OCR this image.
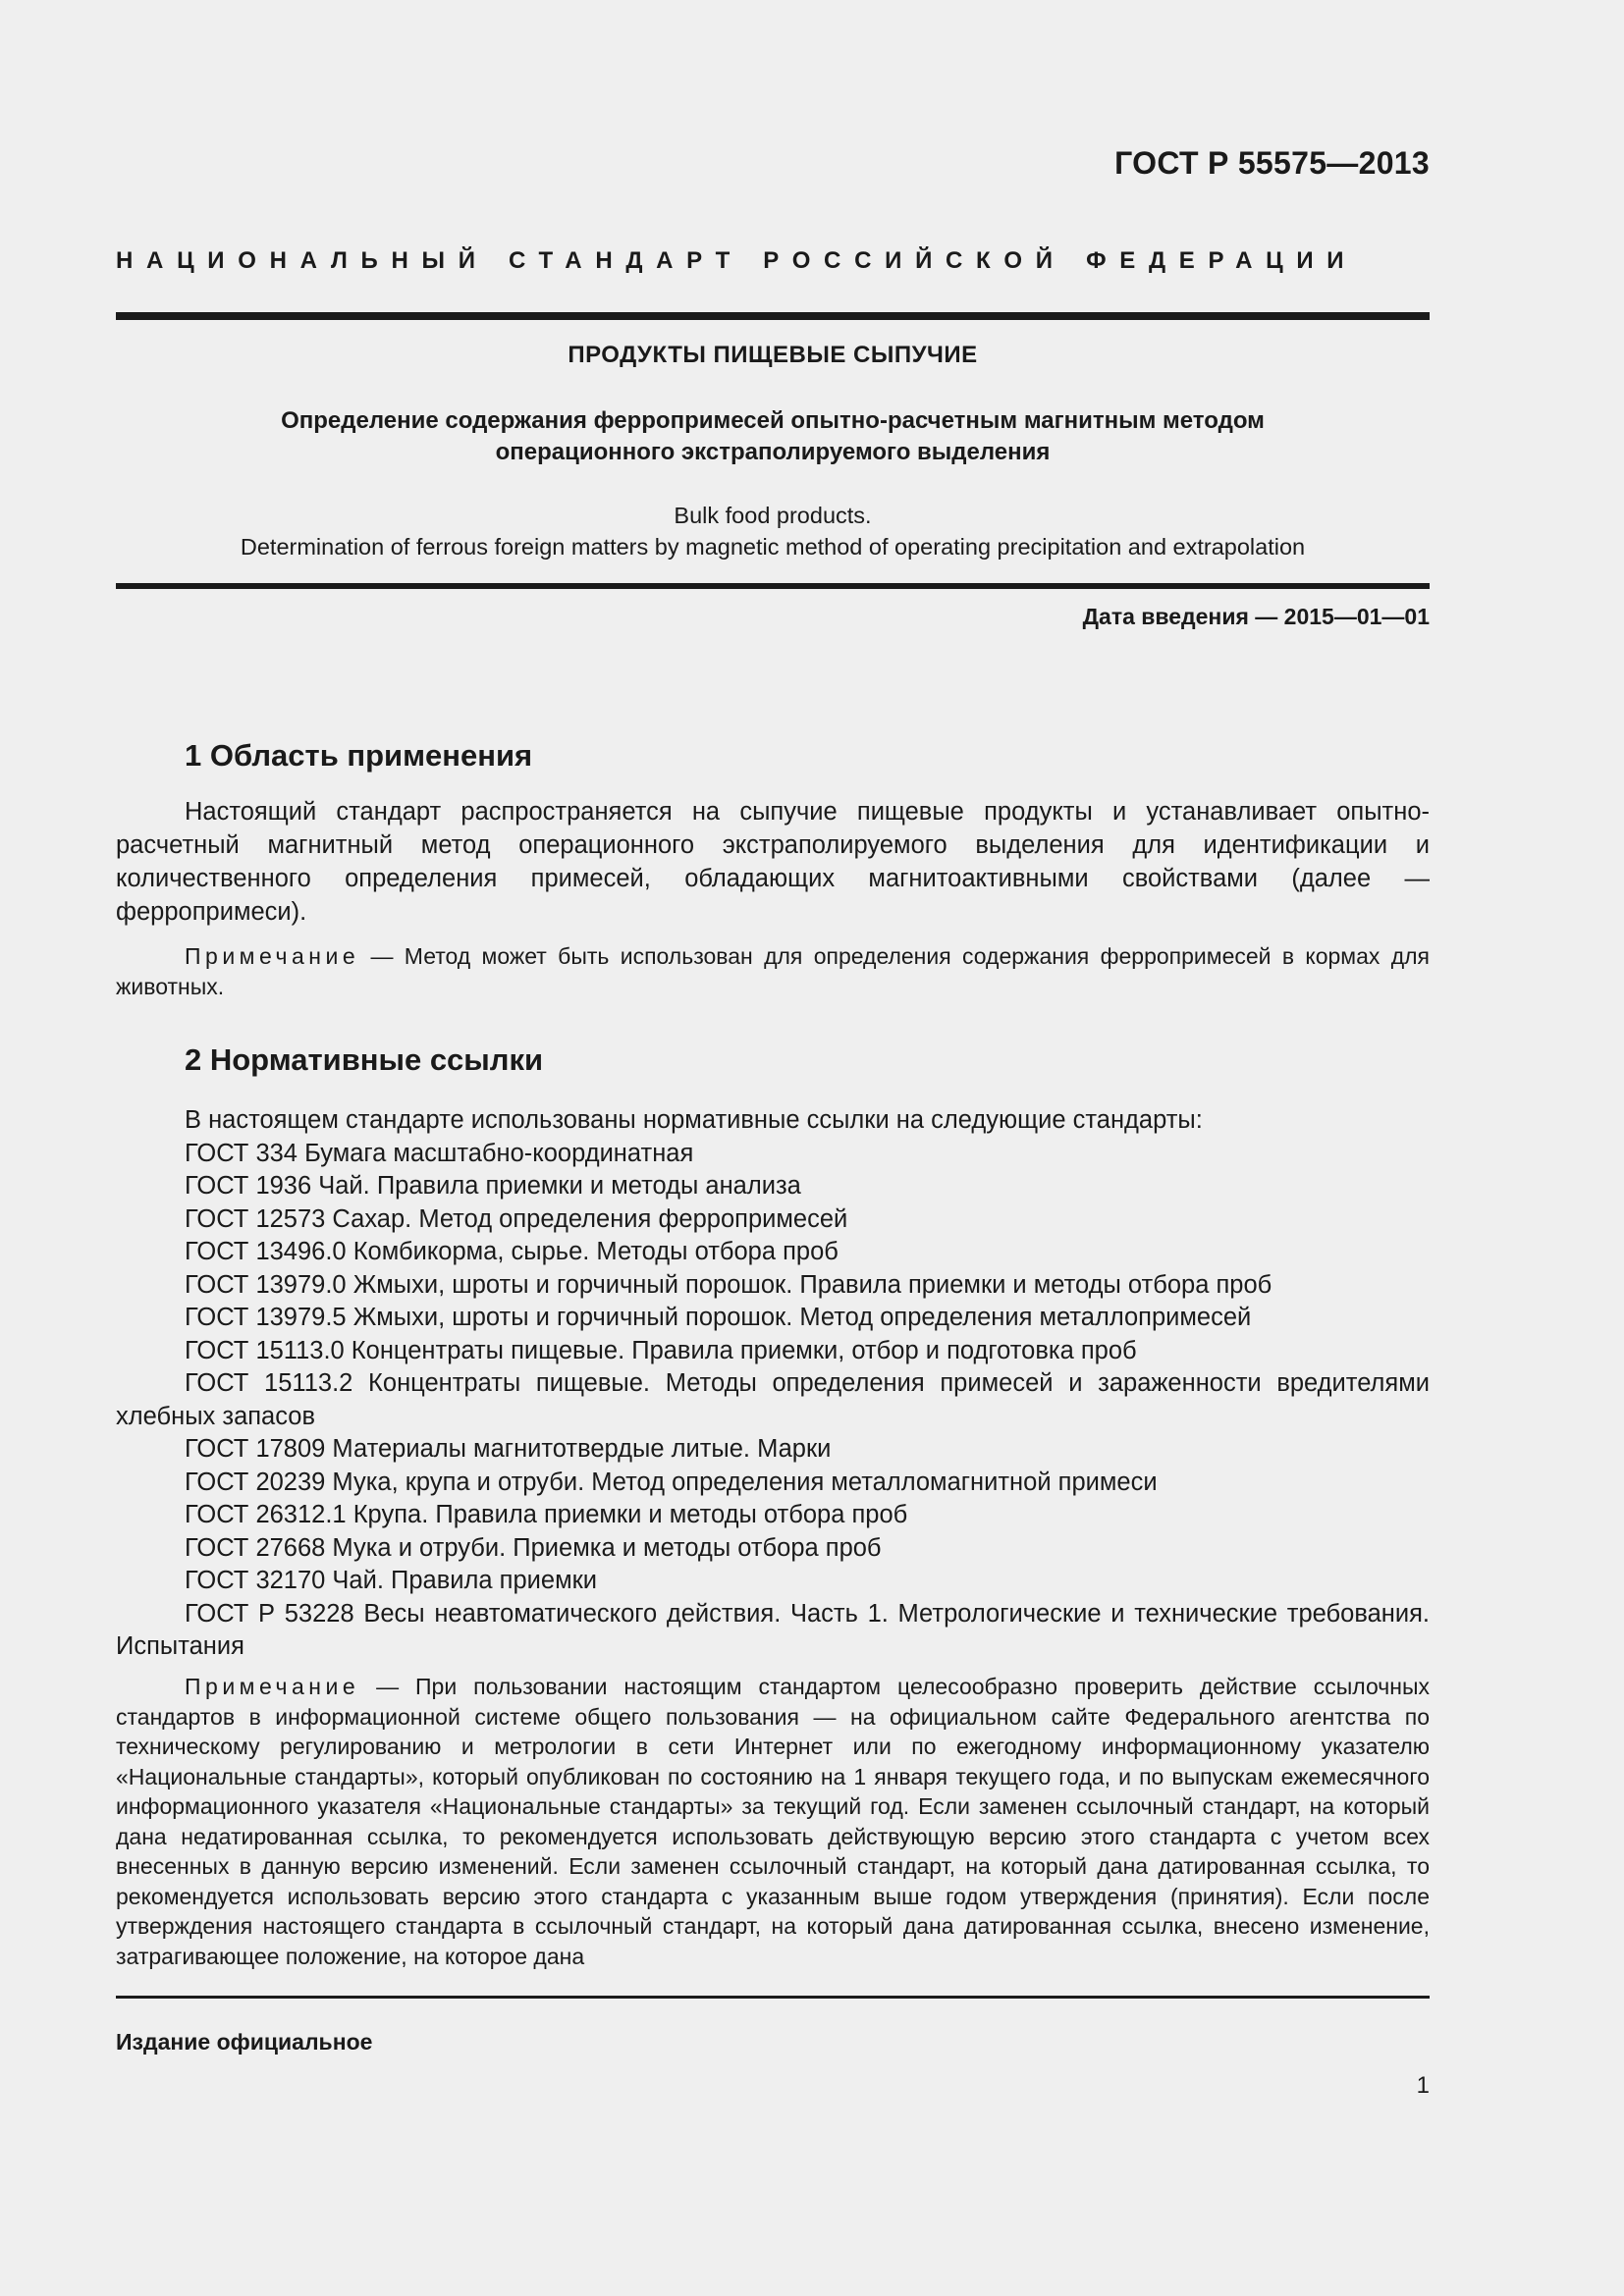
ГОСТ Р 55575—2013
НАЦИОНАЛЬНЫЙ СТАНДАРТ РОССИЙСКОЙ ФЕДЕРАЦИИ
ПРОДУКТЫ ПИЩЕВЫЕ СЫПУЧИЕ
Определение содержания ферропримесей опытно-расчетным магнитным методом
операционного экстраполируемого выделения
Bulk food products.
Determination of ferrous foreign matters by magnetic method of operating precipitation and extrapolation
Дата введения — 2015—01—01
1 Область применения

Настоящий стандарт распространяется на сыпучие пищевые продукты и устанавливает опытно-расчетный магнитный метод операционного экстраполируемого выделения для идентификации и количественного определения примесей, обладающих магнитоактивными свойствами (далее — ферропримеси).

Примечание — Метод может быть использован для определения содержания ферропримесей в кормах для животных.

2 Нормативные ссылки
В настоящем стандарте использованы нормативные ссылки на следующие стандарты:
ГОСТ 334 Бумага масштабно-координатная
ГОСТ 1936 Чай. Правила приемки и методы анализа
ГОСТ 12573 Сахар. Метод определения ферропримесей
ГОСТ 13496.0 Комбикорма, сырье. Методы отбора проб
ГОСТ 13979.0 Жмыхи, шроты и горчичный порошок. Правила приемки и методы отбора проб
ГОСТ 13979.5 Жмыхи, шроты и горчичный порошок. Метод определения металлопримесей
ГОСТ 15113.0 Концентраты пищевые. Правила приемки, отбор и подготовка проб
ГОСТ 15113.2 Концентраты пищевые. Методы определения примесей и зараженности вредителями хлебных запасов
ГОСТ 17809 Материалы магнитотвердые литые. Марки
ГОСТ 20239 Мука, крупа и отруби. Метод определения металломагнитной примеси
ГОСТ 26312.1 Крупа. Правила приемки и методы отбора проб
ГОСТ 27668 Мука и отруби. Приемка и методы отбора проб
ГОСТ 32170 Чай. Правила приемки
ГОСТ Р 53228 Весы неавтоматического действия. Часть 1. Метрологические и технические требования. Испытания

Примечание — При пользовании настоящим стандартом целесообразно проверить действие ссылочных стандартов в информационной системе общего пользования — на официальном сайте Федерального агентства по техническому регулированию и метрологии в сети Интернет или по ежегодному информационному указателю «Национальные стандарты», который опубликован по состоянию на 1 января текущего года, и по выпускам ежемесячного информационного указателя «Национальные стандарты» за текущий год. Если заменен ссылочный стандарт, на который дана недатированная ссылка, то рекомендуется использовать действующую версию этого стандарта с учетом всех внесенных в данную версию изменений. Если заменен ссылочный стандарт, на который дана датированная ссылка, то рекомендуется использовать версию этого стандарта с указанным выше годом утверждения (принятия). Если после утверждения настоящего стандарта в ссылочный стандарт, на который дана датированная ссылка, внесено изменение, затрагивающее положение, на которое дана

Издание официальное
1
